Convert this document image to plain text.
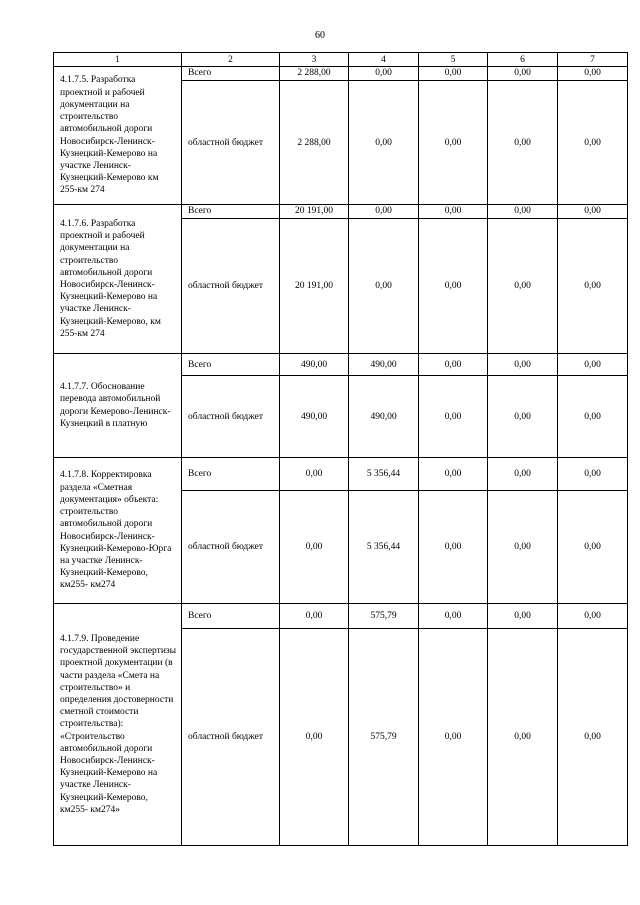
60
1	2	3	4	5	6	7
4.1.7.5. Разработка проектной и рабочей документации на строительство автомобильной дороги Новосибирск-Ленинск-Кузнецкий-Кемерово на участке Ленинск-Кузнецкий-Кемерово км 255-км 274	Всего	2 288,00	0,00	0,00	0,00	0,00
	областной бюджет	2 288,00	0,00	0,00	0,00	0,00
4.1.7.6. Разработка проектной и рабочей документации на строительство автомобильной дороги Новосибирск-Ленинск-Кузнецкий-Кемерово на участке Ленинск-Кузнецкий-Кемерово, км 255-км 274	Всего	20 191,00	0,00	0,00	0,00	0,00
	областной бюджет	20 191,00	0,00	0,00	0,00	0,00
4.1.7.7. Обоснование перевода автомобильной дороги Кемерово-Ленинск-Кузнецкий в платную	Всего	490,00	490,00	0,00	0,00	0,00
	областной бюджет	490,00	490,00	0,00	0,00	0,00
4.1.7.8. Корректировка раздела «Сметная документация» объекта: строительство автомобильной дороги Новосибирск-Ленинск-Кузнецкий-Кемерово-Юрга на участке Ленинск-Кузнецкий-Кемерово, км255- км274	Всего	0,00	5 356,44	0,00	0,00	0,00
	областной бюджет	0,00	5 356,44	0,00	0,00	0,00
4.1.7.9. Проведение государственной экспертизы проектной документации (в части раздела «Смета на строительство» и определения достоверности сметной стоимости строительства): «Строительство автомобильной дороги Новосибирск-Ленинск-Кузнецкий-Кемерово на участке Ленинск-Кузнецкий-Кемерово, км255- км274»	Всего	0,00	575,79	0,00	0,00	0,00
	областной бюджет	0,00	575,79	0,00	0,00	0,00
